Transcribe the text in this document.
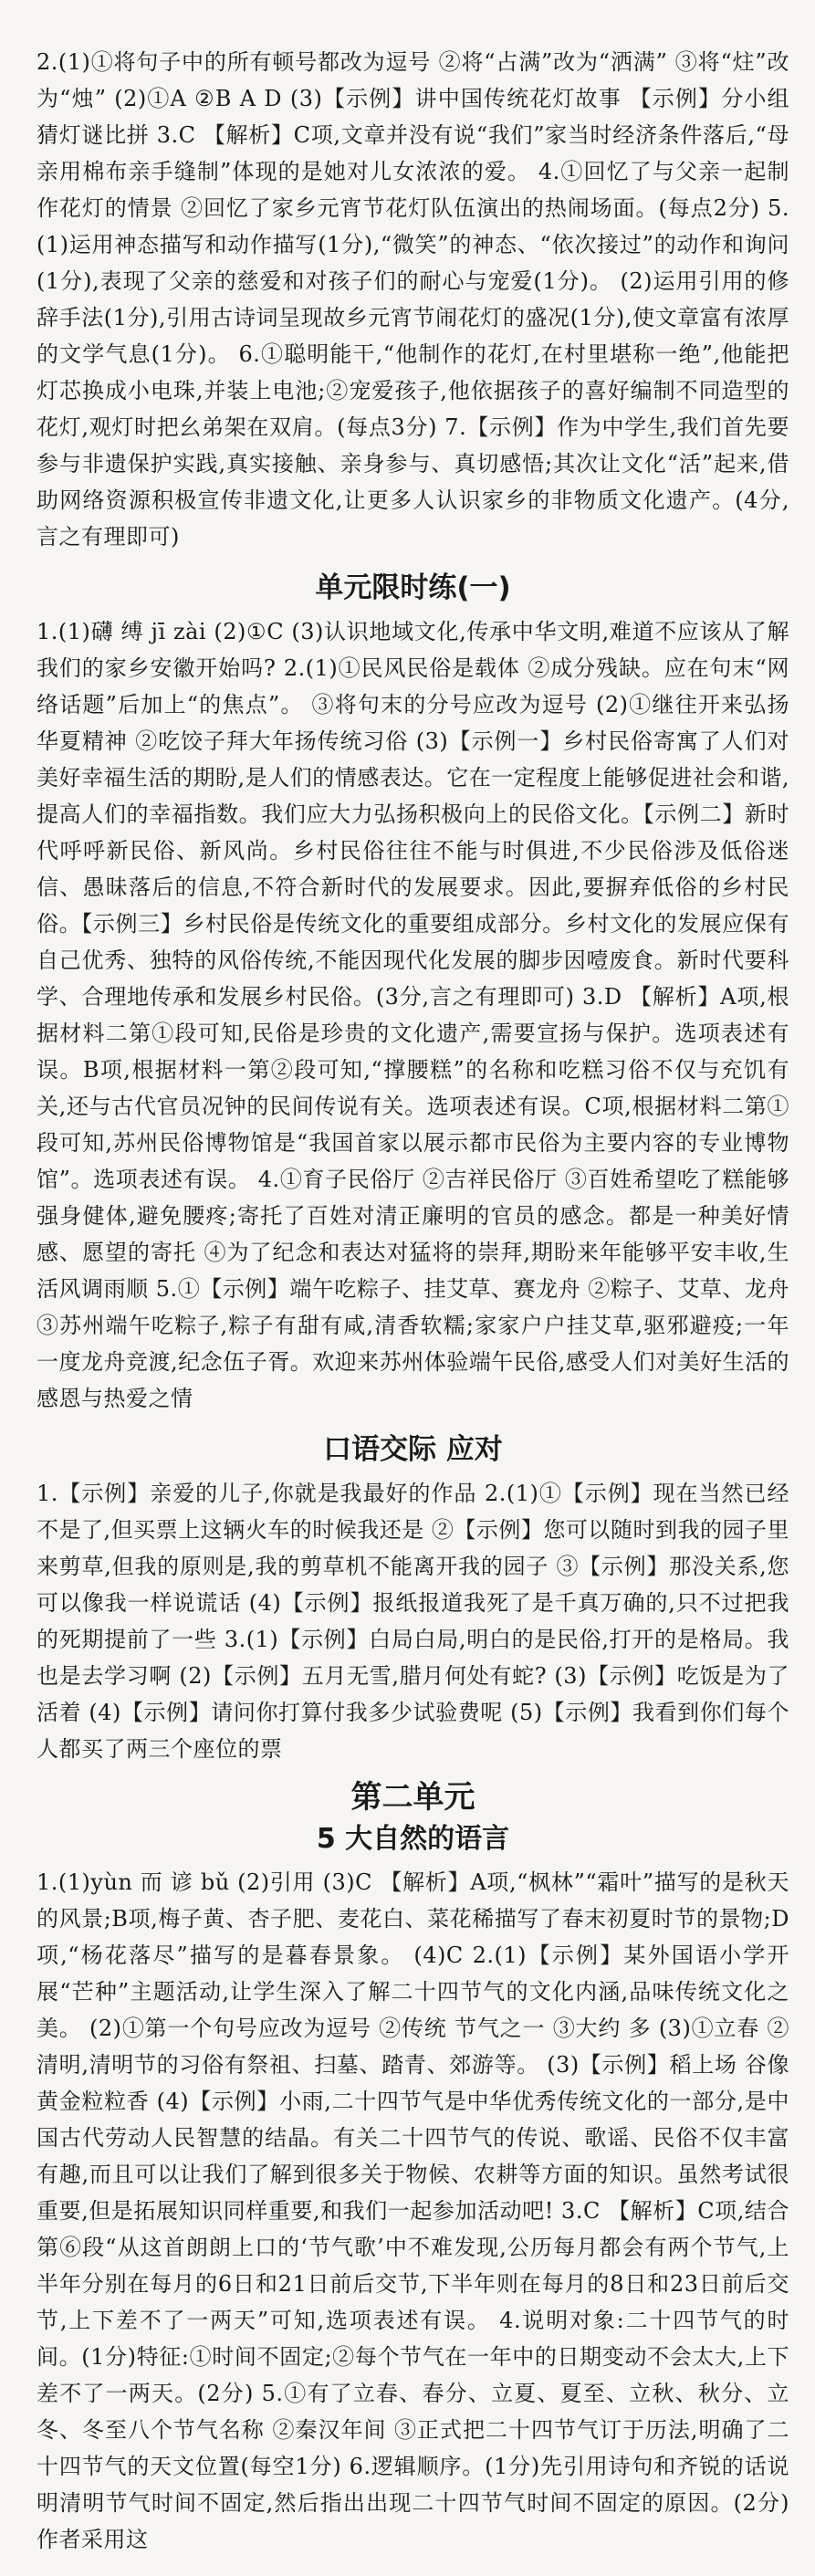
2.(1)①将句子中的所有顿号都改为逗号 ②将“占满”改为“洒满” ③将“炷”改为“烛” (2)①A ②B A D (3)【示例】讲中国传统花灯故事 【示例】分小组猜灯谜比拼 3.C 【解析】C项,文章并没有说“我们”家当时经济条件落后,“母亲用棉布亲手缝制”体现的是她对儿女浓浓的爱。 4.①回忆了与父亲一起制作花灯的情景 ②回忆了家乡元宵节花灯队伍演出的热闹场面。(每点2分) 5.(1)运用神态描写和动作描写(1分),“微笑”的神态、“依次接过”的动作和询问(1分),表现了父亲的慈爱和对孩子们的耐心与宠爱(1分)。 (2)运用引用的修辞手法(1分),引用古诗词呈现故乡元宵节闹花灯的盛况(1分),使文章富有浓厚的文学气息(1分)。 6.①聪明能干,“他制作的花灯,在村里堪称一绝”,他能把灯芯换成小电珠,并装上电池;②宠爱孩子,他依据孩子的喜好编制不同造型的花灯,观灯时把幺弟架在双肩。(每点3分) 7.【示例】作为中学生,我们首先要参与非遗保护实践,真实接触、亲身参与、真切感悟;其次让文化“活”起来,借助网络资源积极宣传非遗文化,让更多人认识家乡的非物质文化遗产。(4分,言之有理即可)

单元限时练(一)

1.(1)礴 缚 jī zài (2)①C (3)认识地域文化,传承中华文明,难道不应该从了解我们的家乡安徽开始吗? 2.(1)①民风民俗是载体 ②成分残缺。应在句末“网络话题”后加上“的焦点”。 ③将句末的分号应改为逗号 (2)①继往开来弘扬华夏精神 ②吃饺子拜大年扬传统习俗 (3)【示例一】乡村民俗寄寓了人们对美好幸福生活的期盼,是人们的情感表达。它在一定程度上能够促进社会和谐,提高人们的幸福指数。我们应大力弘扬积极向上的民俗文化。【示例二】新时代呼呼新民俗、新风尚。乡村民俗往往不能与时俱进,不少民俗涉及低俗迷信、愚昧落后的信息,不符合新时代的发展要求。因此,要摒弃低俗的乡村民俗。【示例三】乡村民俗是传统文化的重要组成部分。乡村文化的发展应保有自己优秀、独特的风俗传统,不能因现代化发展的脚步因噎废食。新时代要科学、合理地传承和发展乡村民俗。(3分,言之有理即可) 3.D 【解析】A项,根据材料二第①段可知,民俗是珍贵的文化遗产,需要宣扬与保护。选项表述有误。B项,根据材料一第②段可知,“撑腰糕”的名称和吃糕习俗不仅与充饥有关,还与古代官员况钟的民间传说有关。选项表述有误。C项,根据材料二第①段可知,苏州民俗博物馆是“我国首家以展示都市民俗为主要内容的专业博物馆”。选项表述有误。 4.①育子民俗厅 ②吉祥民俗厅 ③百姓希望吃了糕能够强身健体,避免腰疼;寄托了百姓对清正廉明的官员的感念。都是一种美好情感、愿望的寄托 ④为了纪念和表达对猛将的崇拜,期盼来年能够平安丰收,生活风调雨顺 5.①【示例】端午吃粽子、挂艾草、赛龙舟 ②粽子、艾草、龙舟 ③苏州端午吃粽子,粽子有甜有咸,清香软糯;家家户户挂艾草,驱邪避疫;一年一度龙舟竞渡,纪念伍子胥。欢迎来苏州体验端午民俗,感受人们对美好生活的感恩与热爱之情

口语交际 应对

1.【示例】亲爱的儿子,你就是我最好的作品 2.(1)①【示例】现在当然已经不是了,但买票上这辆火车的时候我还是 ②【示例】您可以随时到我的园子里来剪草,但我的原则是,我的剪草机不能离开我的园子 ③【示例】那没关系,您可以像我一样说谎话 (4)【示例】报纸报道我死了是千真万确的,只不过把我的死期提前了一些 3.(1)【示例】白局白局,明白的是民俗,打开的是格局。我也是去学习啊 (2)【示例】五月无雪,腊月何处有蛇? (3)【示例】吃饭是为了活着 (4)【示例】请问你打算付我多少试验费呢 (5)【示例】我看到你们每个人都买了两三个座位的票

第二单元
5 大自然的语言

1.(1)yùn 而 谚 bǔ (2)引用 (3)C 【解析】A项,“枫林”“霜叶”描写的是秋天的风景;B项,梅子黄、杏子肥、麦花白、菜花稀描写了春末初夏时节的景物;D项,“杨花落尽”描写的是暮春景象。 (4)C 2.(1)【示例】某外国语小学开展“芒种”主题活动,让学生深入了解二十四节气的文化内涵,品味传统文化之美。 (2)①第一个句号应改为逗号 ②传统 节气之一 ③大约 多 (3)①立春 ②清明,清明节的习俗有祭祖、扫墓、踏青、郊游等。 (3)【示例】稻上场 谷像黄金粒粒香 (4)【示例】小雨,二十四节气是中华优秀传统文化的一部分,是中国古代劳动人民智慧的结晶。有关二十四节气的传说、歌谣、民俗不仅丰富有趣,而且可以让我们了解到很多关于物候、农耕等方面的知识。虽然考试很重要,但是拓展知识同样重要,和我们一起参加活动吧! 3.C 【解析】C项,结合第⑥段“从这首朗朗上口的‘节气歌’中不难发现,公历每月都会有两个节气,上半年分别在每月的6日和21日前后交节,下半年则在每月的8日和23日前后交节,上下差不了一两天”可知,选项表述有误。 4.说明对象:二十四节气的时间。(1分)特征:①时间不固定;②每个节气在一年中的日期变动不会太大,上下差不了一两天。(2分) 5.①有了立春、春分、立夏、夏至、立秋、秋分、立冬、冬至八个节气名称 ②秦汉年间 ③正式把二十四节气订于历法,明确了二十四节气的天文位置(每空1分) 6.逻辑顺序。(1分)先引用诗句和齐锐的话说明清明节气时间不固定,然后指出出现二十四节气时间不固定的原因。(2分)作者采用这
